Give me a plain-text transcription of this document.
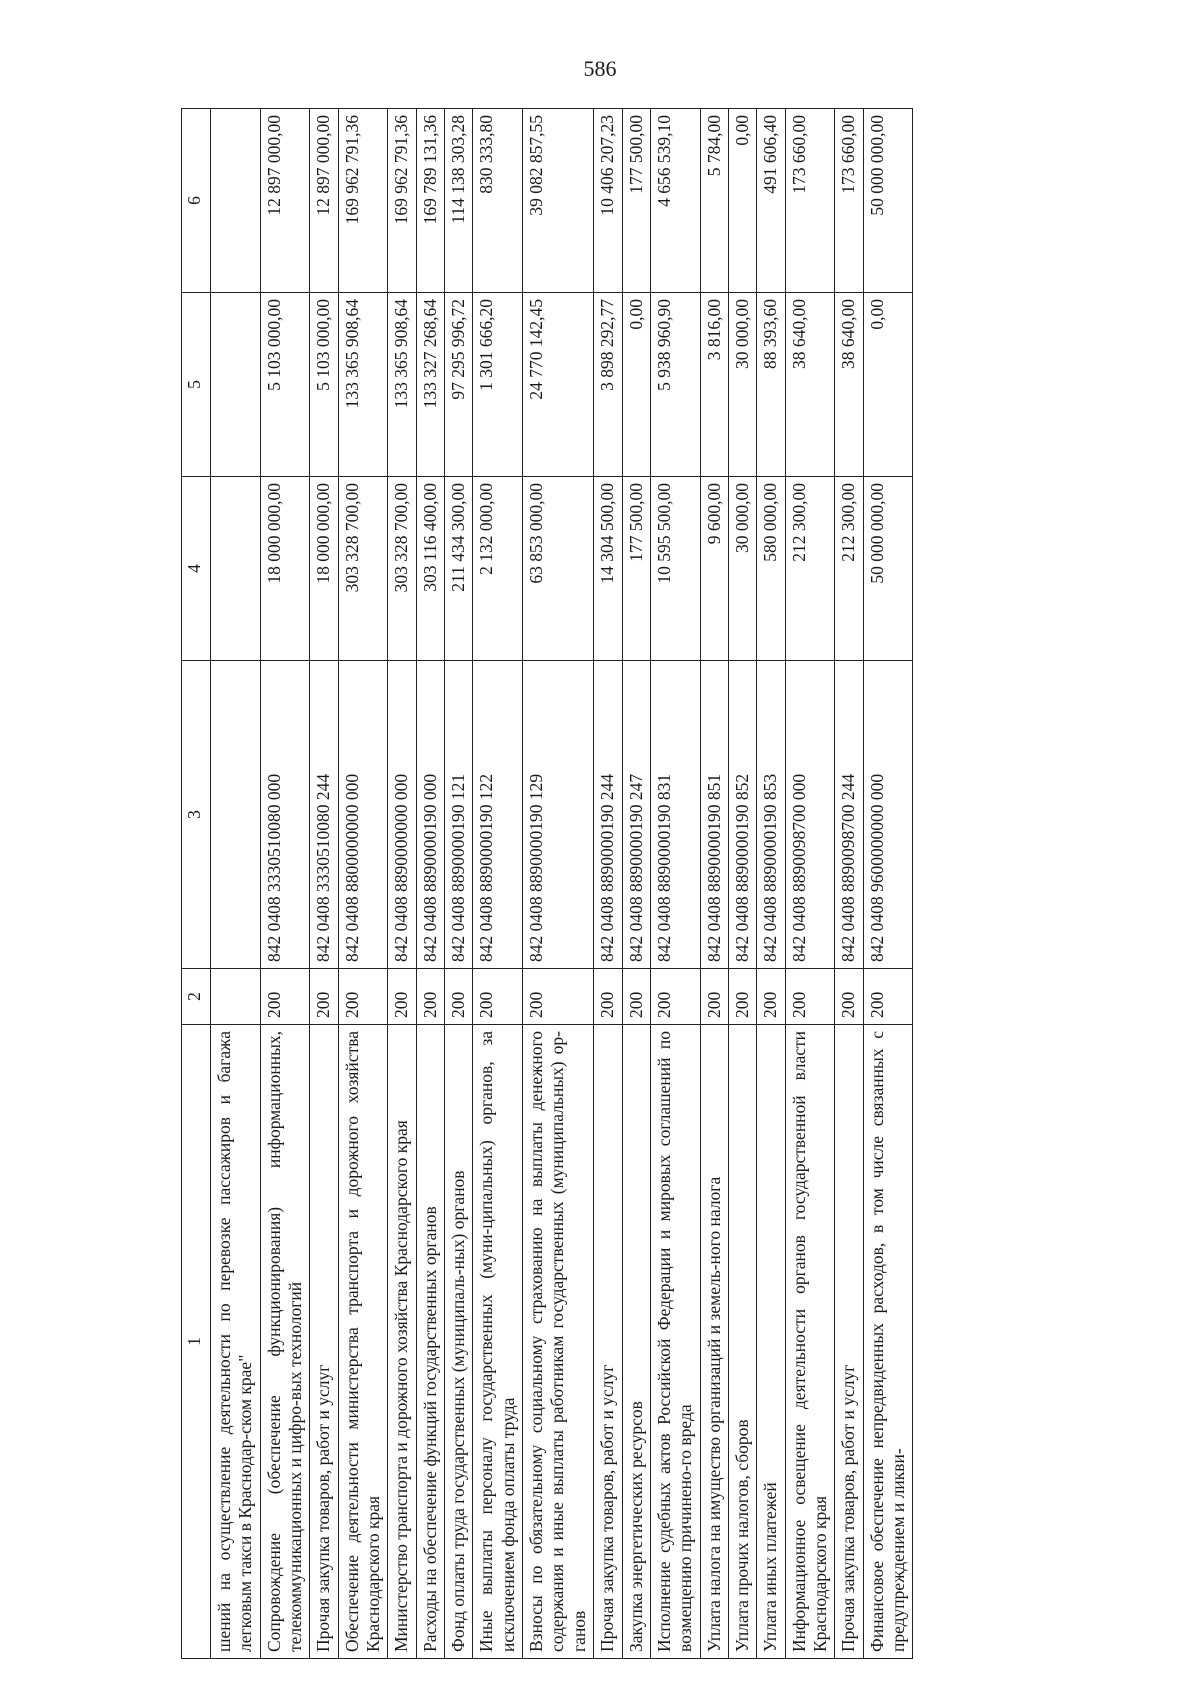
586
1	2	3	4	5	6
шений на осуществление деятельности по перевозке пассажиров и багажа легковым такси в Краснодар-ском крае"					
Сопровождение (обеспечение функционирования) информационных, телекоммуникационных и цифро-вых технологий	200	842 0408 3330510080 000	18 000 000,00	5 103 000,00	12 897 000,00
Прочая закупка товаров, работ и услуг	200	842 0408 3330510080 244	18 000 000,00	5 103 000,00	12 897 000,00
Обеспечение деятельности министерства транспорта и дорожного хозяйства Краснодарского края	200	842 0408 8800000000 000	303 328 700,00	133 365 908,64	169 962 791,36
Министерство транспорта и дорожного хозяйства Краснодарского края	200	842 0408 8890000000 000	303 328 700,00	133 365 908,64	169 962 791,36
Расходы на обеспечение функций государственных органов	200	842 0408 8890000190 000	303 116 400,00	133 327 268,64	169 789 131,36
Фонд оплаты труда государственных (муниципаль-ных) органов	200	842 0408 8890000190 121	211 434 300,00	97 295 996,72	114 138 303,28
Иные выплаты персоналу государственных (муни-ципальных) органов, за исключением фонда оплаты труда	200	842 0408 8890000190 122	2 132 000,00	1 301 666,20	830 333,80
Взносы по обязательному социальному страхованию на выплаты денежного содержания и иные выплаты работникам государственных (муниципальных) ор-ганов	200	842 0408 8890000190 129	63 853 000,00	24 770 142,45	39 082 857,55
Прочая закупка товаров, работ и услуг	200	842 0408 8890000190 244	14 304 500,00	3 898 292,77	10 406 207,23
Закупка энергетических ресурсов	200	842 0408 8890000190 247	177 500,00	0,00	177 500,00
Исполнение судебных актов Российской Федерации и мировых соглашений по возмещению причинено-го вреда	200	842 0408 8890000190 831	10 595 500,00	5 938 960,90	4 656 539,10
Уплата налога на имущество организаций и земель-ного налога	200	842 0408 8890000190 851	9 600,00	3 816,00	5 784,00
Уплата прочих налогов, сборов	200	842 0408 8890000190 852	30 000,00	30 000,00	0,00
Уплата иных платежей	200	842 0408 8890000190 853	580 000,00	88 393,60	491 606,40
Информационное освещение деятельности органов государственной власти Краснодарского края	200	842 0408 8890098700 000	212 300,00	38 640,00	173 660,00
Прочая закупка товаров, работ и услуг	200	842 0408 8890098700 244	212 300,00	38 640,00	173 660,00
Финансовое обеспечение непредвиденных расходов, в том числе связанных с предупреждением и ликви-	200	842 0408 9600000000 000	50 000 000,00	0,00	50 000 000,00
